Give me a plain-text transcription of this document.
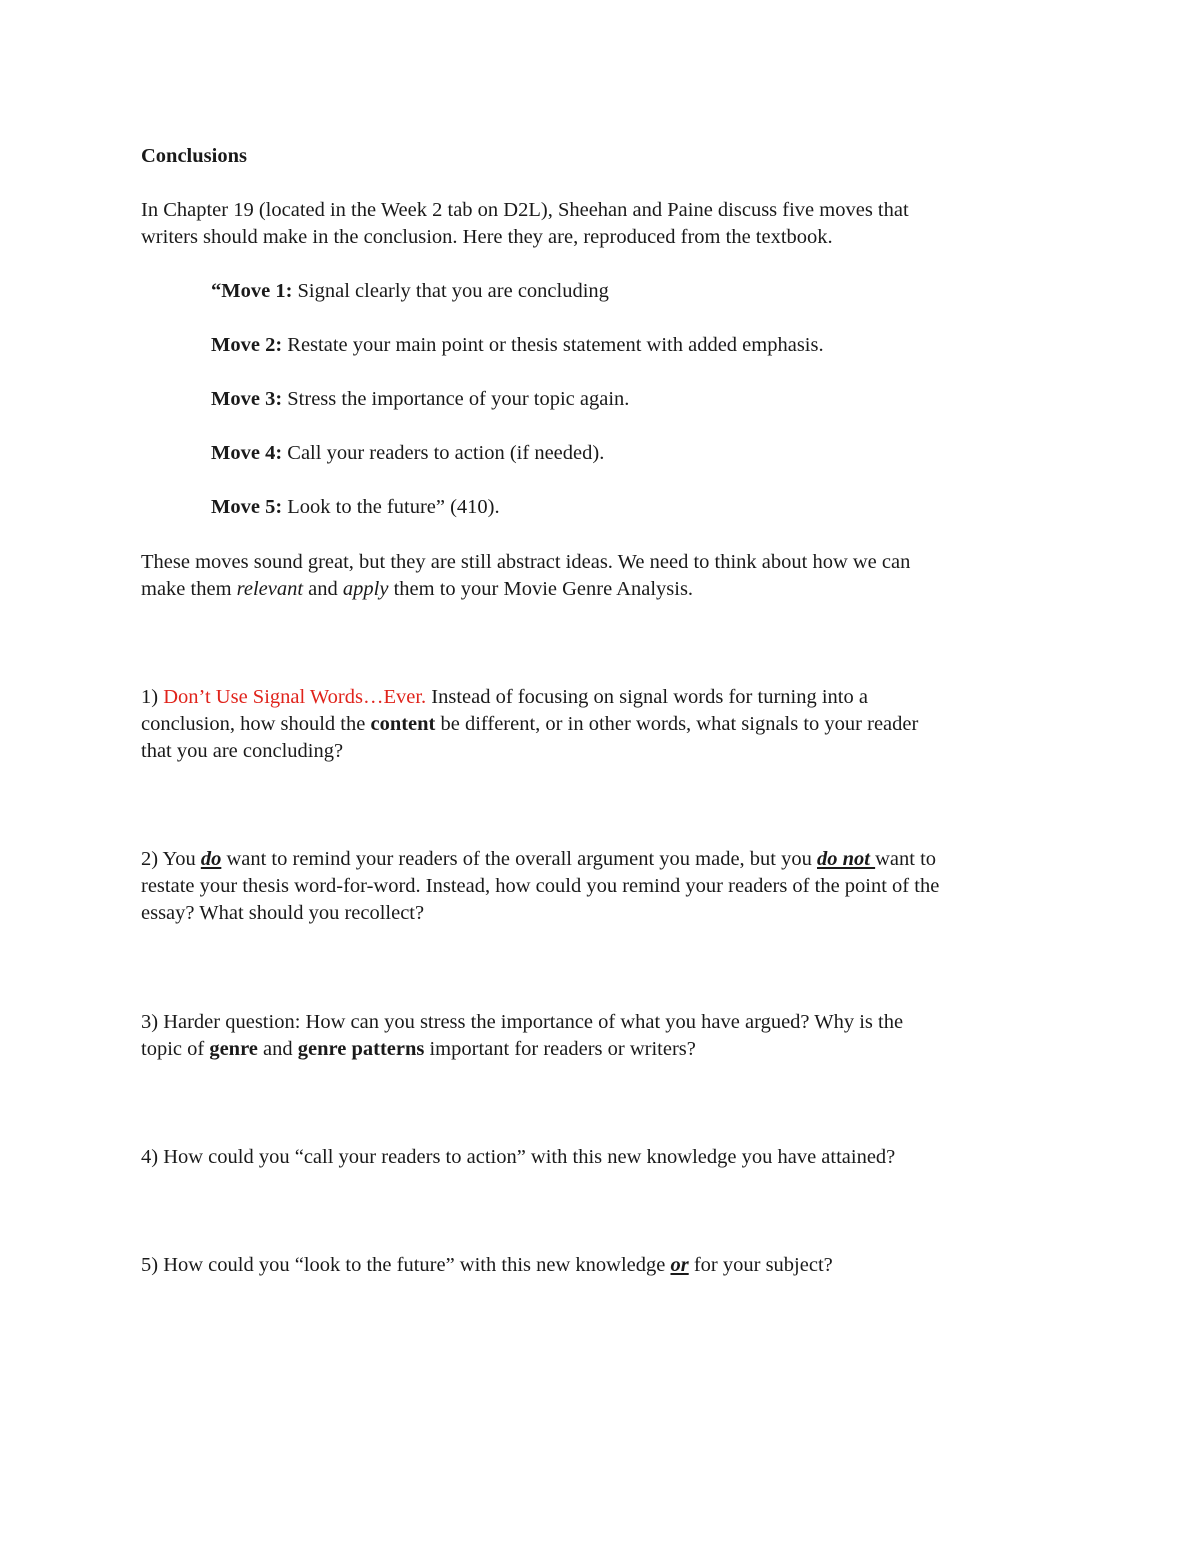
Conclusions

In Chapter 19 (located in the Week 2 tab on D2L), Sheehan and Paine discuss five moves that
writers should make in the conclusion. Here they are, reproduced from the textbook.

“Move 1: Signal clearly that you are concluding

Move 2: Restate your main point or thesis statement with added emphasis.

Move 3: Stress the importance of your topic again.

Move 4: Call your readers to action (if needed).

Move 5: Look to the future” (410).

These moves sound great, but they are still abstract ideas. We need to think about how we can
make them relevant and apply them to your Movie Genre Analysis.

1) Don’t Use Signal Words…Ever. Instead of focusing on signal words for turning into a
conclusion, how should the content be different, or in other words, what signals to your reader
that you are concluding?

2) You do want to remind your readers of the overall argument you made, but you do not want to
restate your thesis word-for-word. Instead, how could you remind your readers of the point of the
essay? What should you recollect?

3) Harder question: How can you stress the importance of what you have argued? Why is the
topic of genre and genre patterns important for readers or writers?

4) How could you “call your readers to action” with this new knowledge you have attained?

5) How could you “look to the future” with this new knowledge or for your subject?
